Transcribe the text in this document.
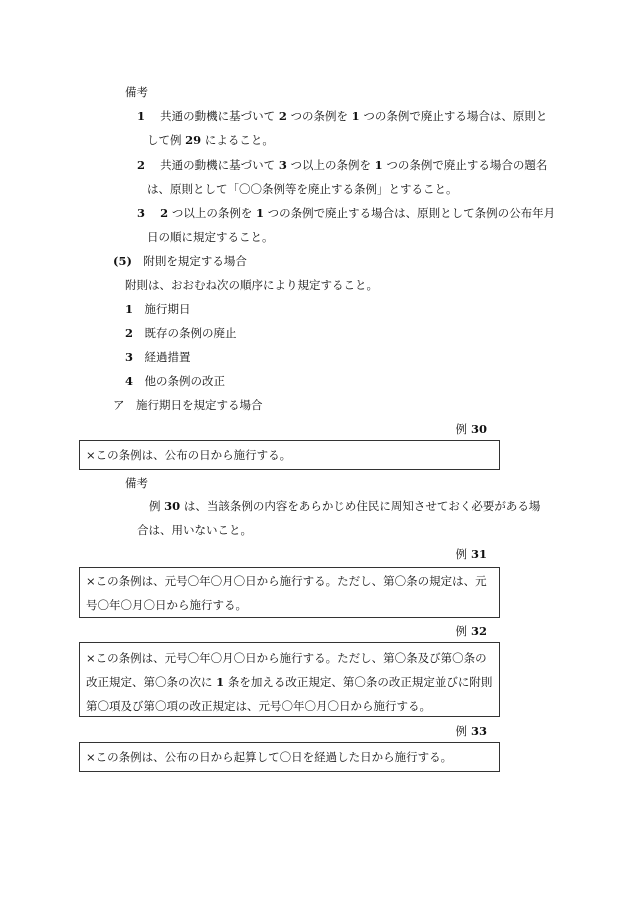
備考
1　 共通の動機に基づいて 2 つの条例を 1 つの条例で廃止する場合は、原則と
して例 29 によること。
2　 共通の動機に基づいて 3 つ以上の条例を 1 つの条例で廃止する場合の題名
は、原則として「〇〇条例等を廃止する条例」とすること。
3　 2 つ以上の条例を 1 つの条例で廃止する場合は、原則として条例の公布年月
日の順に規定すること。
(5)　 附則を規定する場合
附則は、おおむね次の順序により規定すること。
1　 施行期日
2　 既存の条例の廃止
3　 経過措置
4　 他の条例の改正
ア　 施行期日を規定する場合
例 30
×この条例は、公布の日から施行する。
備考
例 30 は、当該条例の内容をあらかじめ住民に周知させておく必要がある場
合は、用いないこと。
例 31
×この条例は、元号〇年〇月〇日から施行する。ただし、第〇条の規定は、元
号〇年〇月〇日から施行する。
例 32
×この条例は、元号〇年〇月〇日から施行する。ただし、第〇条及び第〇条の
改正規定、第〇条の次に 1 条を加える改正規定、第〇条の改正規定並びに附則
第〇項及び第〇項の改正規定は、元号〇年〇月〇日から施行する。
例 33
×この条例は、公布の日から起算して〇日を経過した日から施行する。
